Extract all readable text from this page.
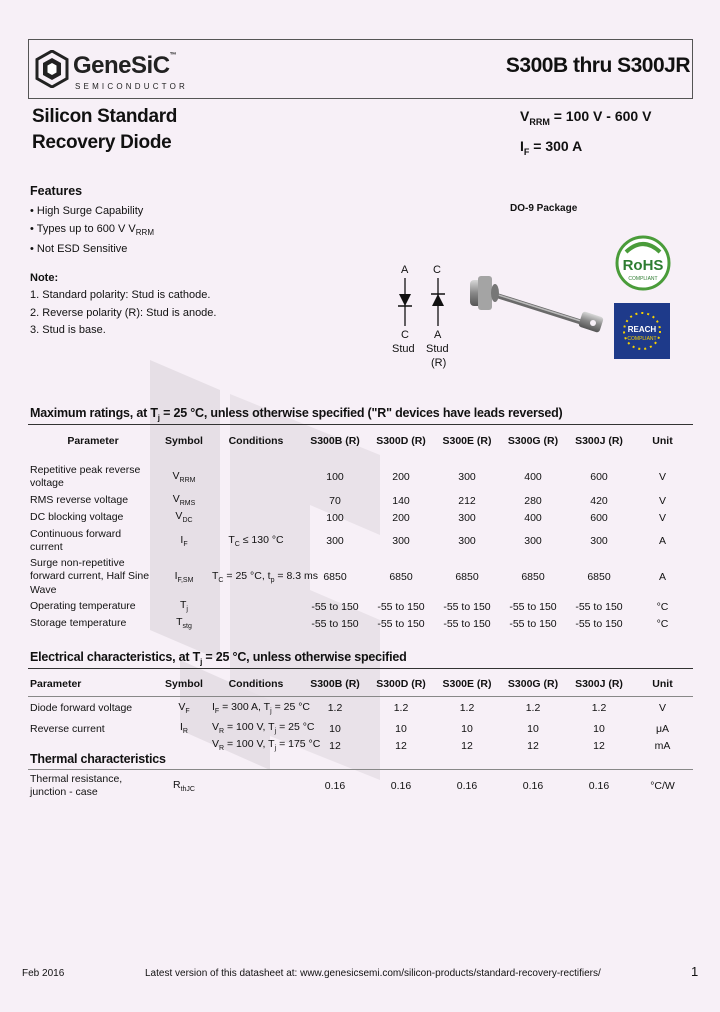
GeneSiC™
SEMICONDUCTOR
S300B thru S300JR
Silicon Standard
Recovery Diode
$V_{RRM} = 100$ V - 600 V
$I_F = 300$ A
Features
• High Surge Capability
• Types up to 600 V $V_{RRM}$
• Not ESD Sensitive
Note:
1. Standard polarity: Stud is cathode.
2. Reverse polarity (R): Stud is anode.
3. Stud is base.
DO-9 Package
A C
C A
Stud Stud
(R)
RoHS
COMPLIANT
REACH
COMPLIANT
Maximum ratings, at $T_j = 25$ °C, unless otherwise specified ("R" devices have leads reversed)
Parameter	Symbol	Conditions	S300B (R)	S300D (R)	S300E (R)	S300G (R)	S300J (R)	Unit

Repetitive peak reverse voltage	$V_{RRM}$		100	200	300	400	600	V
RMS reverse voltage	$V_{RMS}$		70	140	212	280	420	V
DC blocking voltage	$V_{DC}$		100	200	300	400	600	V
Continuous forward current	$I_F$	$T_C \le 130$ °C	300	300	300	300	300	A
Surge non-repetitive forward current, Half Sine Wave	$I_{F,SM}$	$T_C = 25$ °C, $t_p = 8.3$ ms	6850	6850	6850	6850	6850	A
Operating temperature	$T_j$		-55 to 150	-55 to 150	-55 to 150	-55 to 150	-55 to 150	°C
Storage temperature	$T_{stg}$		-55 to 150	-55 to 150	-55 to 150	-55 to 150	-55 to 150	°C
Electrical characteristics, at $T_j = 25$ °C, unless otherwise specified
Parameter	Symbol	Conditions	S300B (R)	S300D (R)	S300E (R)	S300G (R)	S300J (R)	Unit
Diode forward voltage	$V_F$	$I_F = 300$ A, $T_j = 25$ °C	1.2	1.2	1.2	1.2	1.2	V
Reverse current	$I_R$	$V_R = 100$ V, $T_j = 25$ °C	10	10	10	10	10	μA
		$V_R = 100$ V, $T_j = 175$ °C	12	12	12	12	12	mA
Thermal characteristics
Thermal resistance, junction - case	$R_{thJC}$		0.16	0.16	0.16	0.16	0.16	°C/W
Feb 2016	Latest version of this datasheet at: www.genesicsemi.com/silicon-products/standard-recovery-rectifiers/	1
